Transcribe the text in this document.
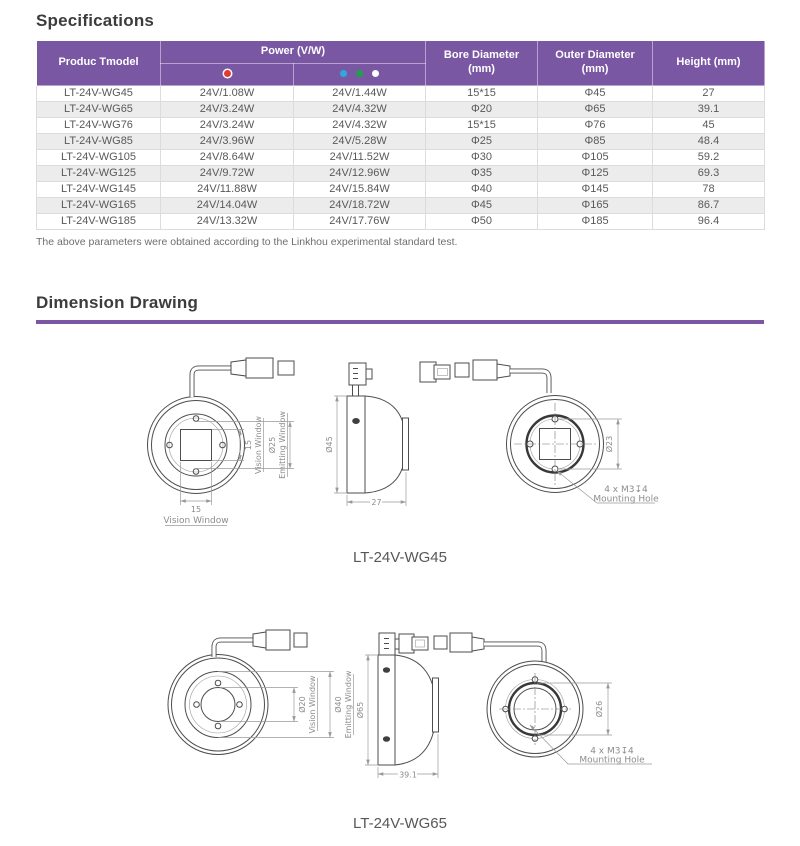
Specifications
Produc Tmodel	Power (V/W)		Bore Diameter (mm)	Outer Diameter (mm)	Height (mm)

LT-24V-WG45	24V/1.08W	24V/1.44W	15*15	Φ45	27
LT-24V-WG65	24V/3.24W	24V/4.32W	Φ20	Φ65	39.1
LT-24V-WG76	24V/3.24W	24V/4.32W	15*15	Φ76	45
LT-24V-WG85	24V/3.96W	24V/5.28W	Φ25	Φ85	48.4
LT-24V-WG105	24V/8.64W	24V/11.52W	Φ30	Φ105	59.2
LT-24V-WG125	24V/9.72W	24V/12.96W	Φ35	Φ125	69.3
LT-24V-WG145	24V/11.88W	24V/15.84W	Φ40	Φ145	78
LT-24V-WG165	24V/14.04W	24V/18.72W	Φ45	Φ165	86.7
LT-24V-WG185	24V/13.32W	24V/17.76W	Φ50	Φ185	96.4

The above parameters were obtained according to the Linkhou experimental standard test.

Dimension Drawing
15 Vision Window Ø25 Emitting Window
15
Vision Window
Ø45
27
Ø23
4 x M3↧4
Mounting Hole
LT-24V-WG45
Ø20 Vision Window Ø40 Emitting Window Ø65
39.1
Ø26
4 x M3↧4
Mounting Hole
LT-24V-WG65
